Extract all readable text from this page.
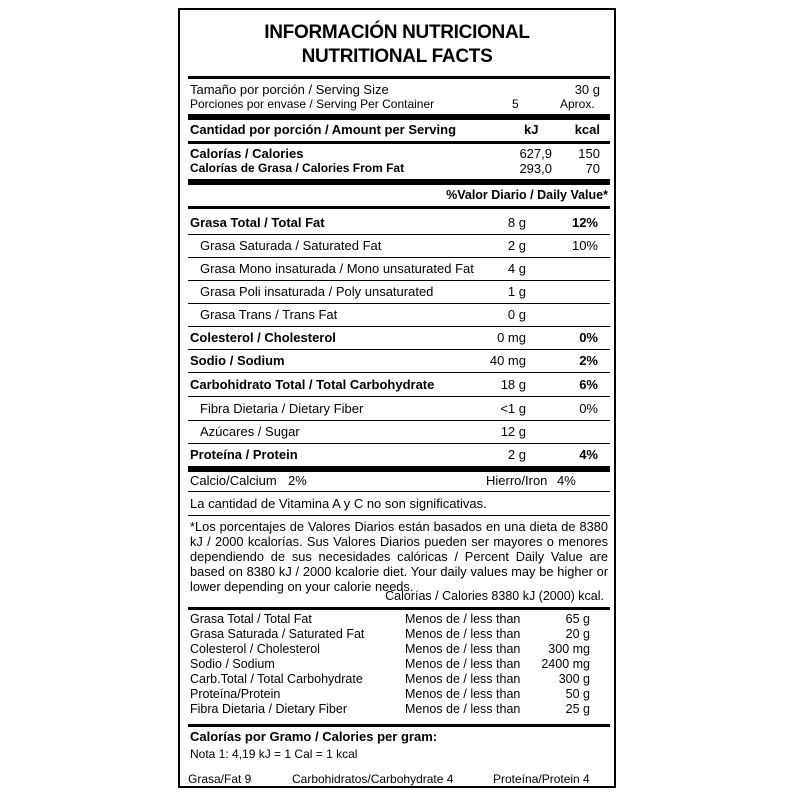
INFORMACIÓN NUTRICIONAL
NUTRITIONAL FACTS
Tamaño por porción / Serving Size	30 g
Porciones por envase / Serving Per Container	5	Aprox.
Cantidad por porción / Amount per Serving	kJ	kcal
Calorías / Calories	627,9	150
Calorías de Grasa / Calories From Fat	293,0	70
%Valor Diario / Daily Value*
Grasa Total / Total Fat	8 g	12%
Grasa Saturada / Saturated Fat	2 g	10%
Grasa Mono insaturada / Mono unsaturated Fat	4 g
Grasa Poli insaturada / Poly unsaturated	1 g
Grasa Trans / Trans Fat	0 g
Colesterol / Cholesterol	0 mg	0%
Sodio / Sodium	40 mg	2%
Carbohidrato Total / Total Carbohydrate	18 g	6%
Fibra Dietaria / Dietary Fiber	<1 g	0%
Azúcares / Sugar	12 g
Proteína / Protein	2 g	4%
Calcio/Calcium 2%	Hierro/Iron 4%
La cantidad de Vitamina A y C no son significativas.
*Los porcentajes de Valores Diarios están basados en una dieta de 8380 kJ / 2000 kcalorías. Sus Valores Diarios pueden ser mayores o menores dependiendo de sus necesidades calóricas / Percent Daily Value are based on 8380 kJ / 2000 kcalorie diet. Your daily values may be higher or lower depending on your calorie needs.
Calorías / Calories 8380 kJ (2000) kcal.
Grasa Total / Total Fat	Menos de / less than	65 g
Grasa Saturada / Saturated Fat	Menos de / less than	20 g
Colesterol / Cholesterol	Menos de / less than	300 mg
Sodio / Sodium	Menos de / less than	2400 mg
Carb.Total / Total Carbohydrate	Menos de / less than	300 g
Proteína/Protein	Menos de / less than	50 g
Fibra Dietaria / Dietary Fiber	Menos de / less than	25 g
Calorías por Gramo / Calories per gram:
Nota 1: 4,19 kJ = 1 Cal = 1 kcal
Grasa/Fat 9	Carbohidratos/Carbohydrate 4	Proteína/Protein 4
